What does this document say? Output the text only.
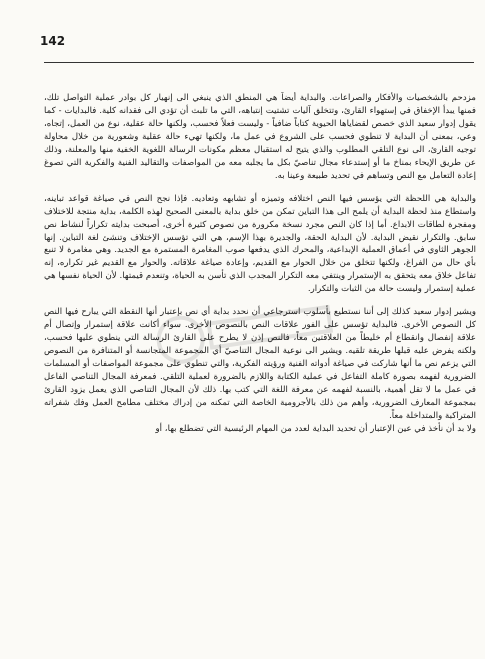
142

مزدحم بالشخصيات والأفكار والصراعات. والبداية أيضاً هي المنطق الذي ينبغي الى إنهيار كل بوادر عملية التواصل تلك، فمنها يبدأ الإخفاق في إستهواء القارئ، وتتخلق آليات تشتيت إنتباهه، التي ما تلبث أن تؤدي الى فقدانه كلية. فالبدايات - كما يقول إدوار سعيد الذي خصص لقضاياها الحيوية كتاباً ضافياً - وليست فعلاً فحسب، ولكنها حالة عقلية، نوع من العمل، إتجاه، وعي، بمعنى أن البداية لا تنطوي فحسب على الشروع في عمل ما، ولكنها تهيء حالة عقلية وشعورية من خلال محاولة توجيه القارئ، الى نوع التلقي المطلوب والذي يتيح له استقبال معظم مكونات الرسالة اللغوية الخفية منها والمعلنة، وذلك عن طريق الإيحاء بمناخ ما أو إستدعاء مجال تناصيّ بكل ما يجلبه معه من المواصفات والتقاليد الفنية والفكرية التي تصوغ إعادة التعامل مع النص وتساهم في تحديد طبيعة وعينا به.

والبداية هي اللحظة التي يؤسس فيها النص اختلافه وتميزه أو تشابهه وتعاديه. فإذا نجح النص في صياغة قواعد تباينه، واستطاع منذ لحظة البداية أن يلمح الى هذا التباين تمكن من خلق بداية بالمعنى الصحيح لهذه الكلمة، بداية منتجة للاختلاف ومفجرة لطاقات الابداع. أما إذا كان النص مجرد نسخة مكرورة من نصوص كثيرة أخرى، أصبحت بدايته تكراراً لنشاط نص سابق. والتكرار نقيض البداية. لأن البداية الحقة، والجديرة بهذا الإسم، هي التي تؤسس الإختلاف وتنشئ لغة التباين. إنها الجوهر الثاوي في أعماق العملية الإبداعية، والمحرك الذي يدفعها صوب المغامرة المستمرة مع الجديد. وهي مغامرة لا تنبع بأي حال من الفراغ، ولكنها تتخلق من خلال الحوار مع القديم، وإعادة صياغة علاقاته. والحوار مع القديم غير تكراره، إنه تفاعل خلاق معه يتحقق به الإستمرار وينتفي معه التكرار المجدب الذي تأسن به الحياة، وتنعدم قيمتها. لأن الحياة نفسها هي عملية إستمرار وليست حالة من الثبات والتكرار.

ويشير إدوار سعيد كذلك إلى أننا نستطيع بأسلوب استرجاعي أن نحدد بداية أي نص بإعتبار أنها النقطة التي يبارح فيها النص كل النصوص الأخرى. فالبداية تؤسس على الفور علاقات النص بالنصوص الأخرى. سواء أكانت علاقة إستمرار وإتصال أم علاقة إنفصال وانقطاع أم خليطاً من العلاقتين معاً، فالنص إذن لا يطرح على القارئ الرسالة التي ينطوي عليها فحسب، ولكنه يفرض عليه قبلها طريقة تلقيه. ويشير الى نوعية المجال التناصيّ أي المجموعة المتجانسة أو المتنافرة من النصوص التي يزعم نص ما أنها شاركت في صياغة أدواته الفنية ورؤيته الفكرية، والتي تنطوي على مجموعة المواصفات أو المسلمات الضرورية لفهمه بصورة كاملة التفاعل في عملية الكتابة واللازم بالضرورة لعملية التلقي. فمعرفة المجال التناصي الفاعل في عمل ما لا تقل أهمية، بالنسبة لفهمه عن معرفة اللغة التي كتب بها. ذلك لأن المجال التناصي الذي يعمل يزود القارئ بمجموعة المعارف الضرورية، وأهم من ذلك بالأجرومية الخاصة التي تمكنه من إدراك مختلف مطامح العمل وفك شفراته المتراكبة والمتداخلة معاً.

ولا بد أن نأخذ في عين الإعتبار أن تحديد البداية لعدد من المهام الرئيسية التي تضطلع بها، أو
